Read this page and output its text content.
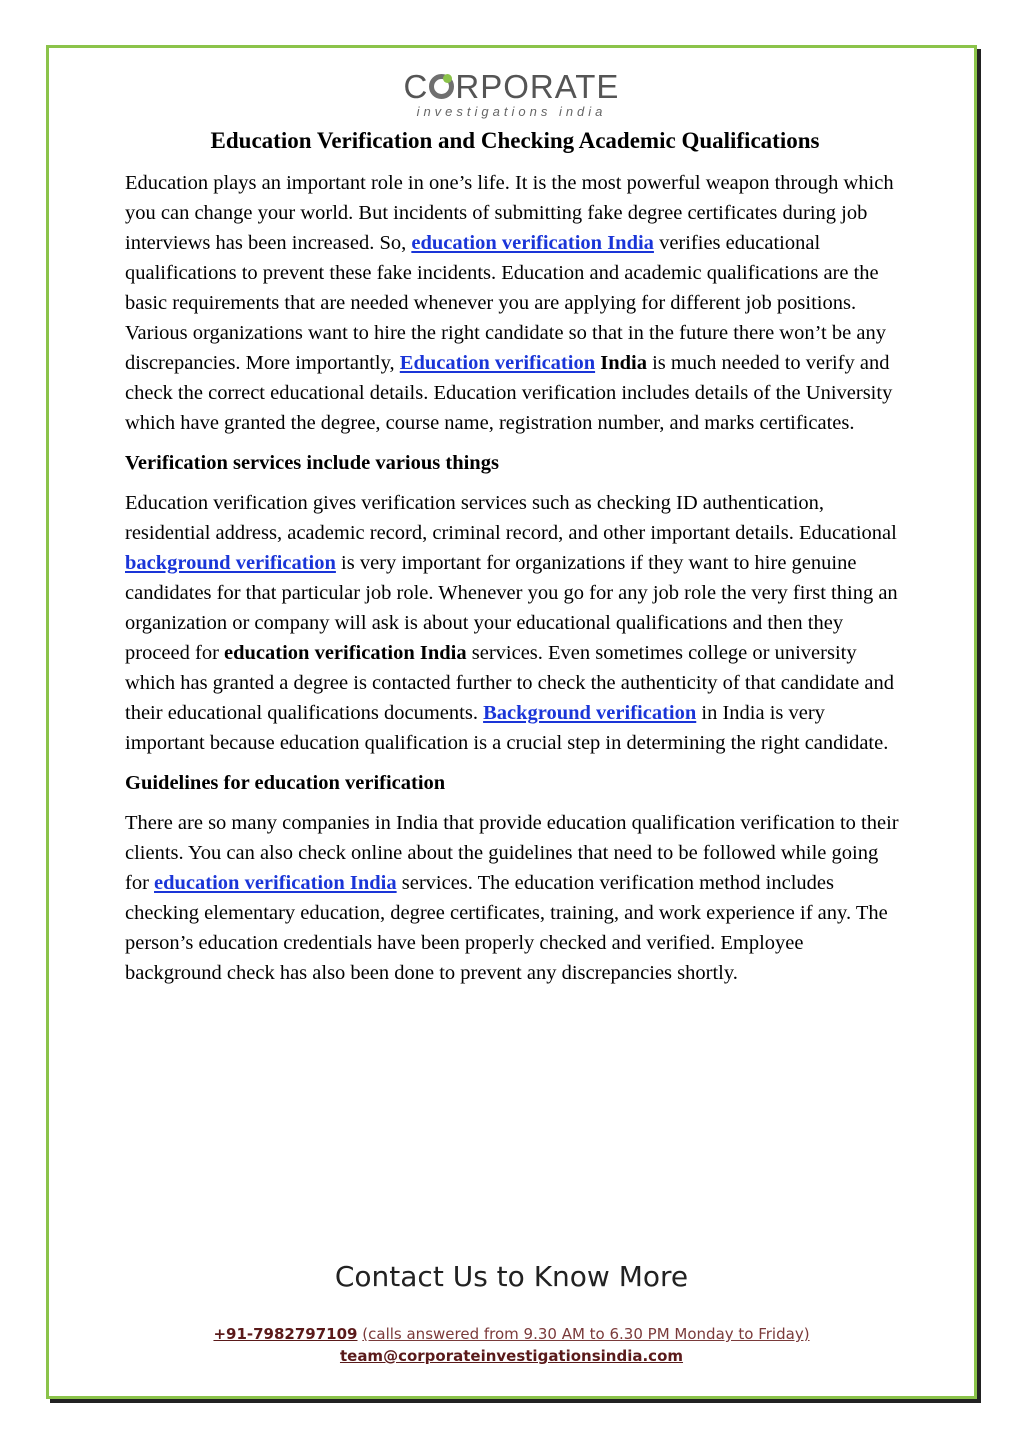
C RPORATE
investigations india
Education Verification and Checking Academic Qualifications

Education plays an important role in one’s life. It is the most powerful weapon through which you can change your world. But incidents of submitting fake degree certificates during job interviews has been increased. So, education verification India verifies educational qualifications to prevent these fake incidents. Education and academic qualifications are the basic requirements that are needed whenever you are applying for different job positions. Various organizations want to hire the right candidate so that in the future there won’t be any discrepancies. More importantly, Education verification India is much needed to verify and check the correct educational details. Education verification includes details of the University which have granted the degree, course name, registration number, and marks certificates.

Verification services include various things

Education verification gives verification services such as checking ID authentication, residential address, academic record, criminal record, and other important details. Educational background verification is very important for organizations if they want to hire genuine candidates for that particular job role. Whenever you go for any job role the very first thing an organization or company will ask is about your educational qualifications and then they proceed for education verification India services. Even sometimes college or university which has granted a degree is contacted further to check the authenticity of that candidate and their educational qualifications documents. Background verification in India is very important because education qualification is a crucial step in determining the right candidate.

Guidelines for education verification

There are so many companies in India that provide education qualification verification to their clients. You can also check online about the guidelines that need to be followed while going for education verification India services. The education verification method includes checking elementary education, degree certificates, training, and work experience if any. The person’s education credentials have been properly checked and verified. Employee background check has also been done to prevent any discrepancies shortly.

Contact Us to Know More
+91-7982797109 (calls answered from 9.30 AM to 6.30 PM Monday to Friday)
team@corporateinvestigationsindia.com
